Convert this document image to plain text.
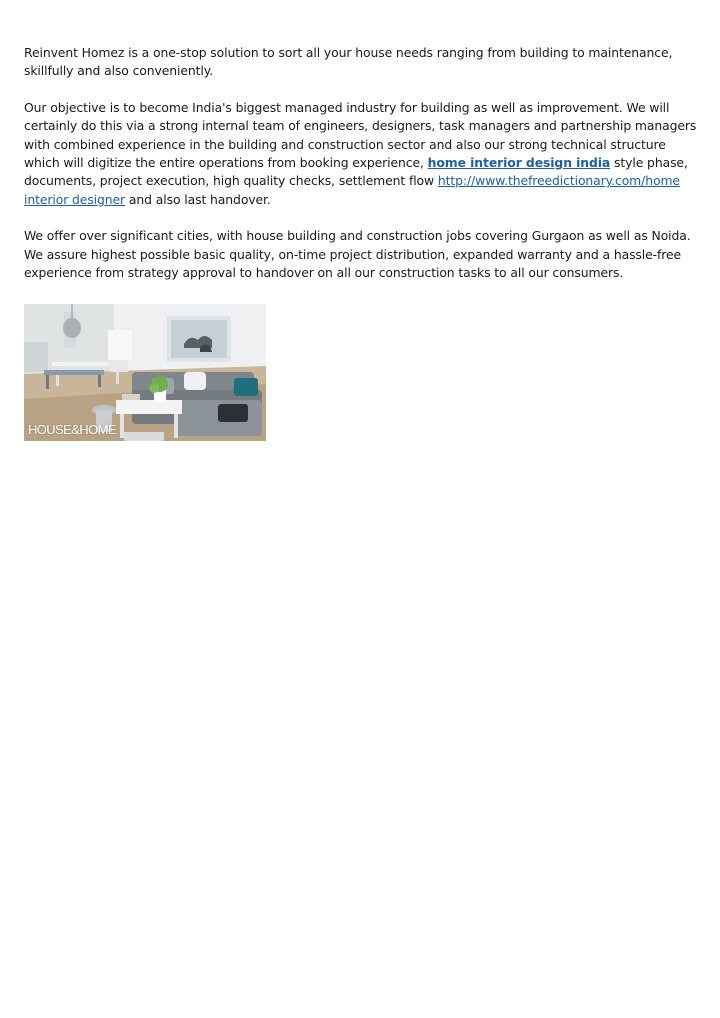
Reinvent Homez is a one-stop solution to sort all your house needs ranging from building to maintenance, skillfully and also conveniently.

Our objective is to become India's biggest managed industry for building as well as improvement. We will certainly do this via a strong internal team of engineers, designers, task managers and partnership managers with combined experience in the building and construction sector and also our strong technical structure which will digitize the entire operations from booking experience, home interior design india style phase, documents, project execution, high quality checks, settlement flow http://www.thefreedictionary.com/home interior designer and also last handover.

We offer over significant cities, with house building and construction jobs covering Gurgaon as well as Noida. We assure highest possible basic quality, on-time project distribution, expanded warranty and a hassle-free experience from strategy approval to handover on all our construction tasks to all our consumers.

HOUSE&HOME
